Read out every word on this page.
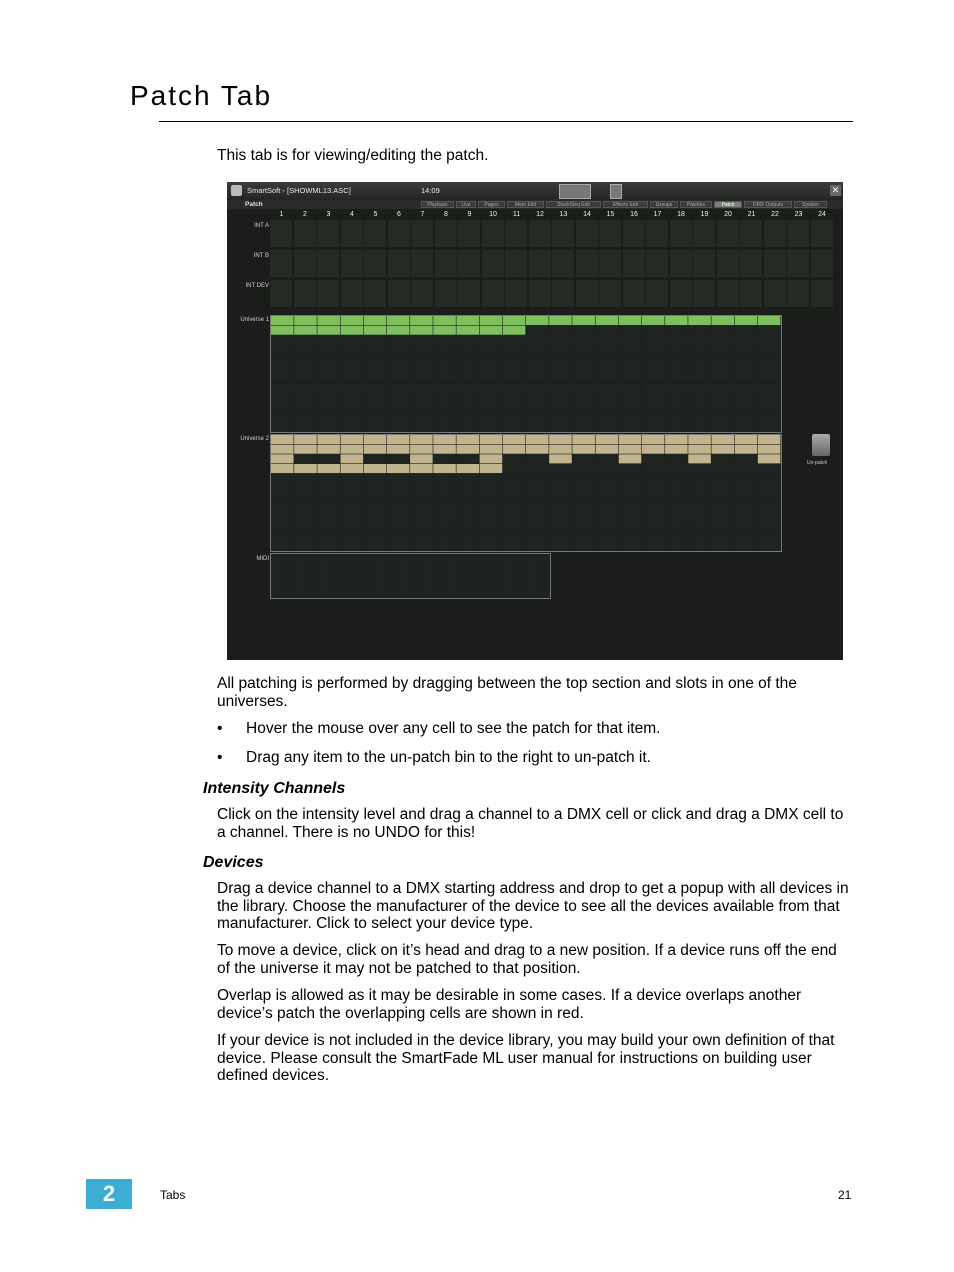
Patch Tab

This tab is for viewing/editing the patch.

SmartSoft - [SHOWML13.ASC]	14:09	✕
Patch	Playback	Live	Pages	Mem Edit	Stack/Seq Edit	Effects Edit	Groups	Palettes	Patch	DMX Outputs	System
INT A
INT B
INT DEV
Universe 1
Universe 2
Un-patch
MIDI
1	2	3	4	5	6	7	8	9	10	11	12	13	14	15	16	17	18	19	20	21	22	23	24

All patching is performed by dragging between the top section and slots in one of the universes.

• Hover the mouse over any cell to see the patch for that item.
• Drag any item to the un-patch bin to the right to un-patch it.
Intensity Channels

Click on the intensity level and drag a channel to a DMX cell or click and drag a DMX cell to a channel. There is no UNDO for this!

Devices

Drag a device channel to a DMX starting address and drop to get a popup with all devices in the library. Choose the manufacturer of the device to see all the devices available from that manufacturer. Click to select your device type.

To move a device, click on it’s head and drag to a new position. If a device runs off the end of the universe it may not be patched to that position.

Overlap is allowed as it may be desirable in some cases. If a device overlaps another device’s patch the overlapping cells are shown in red.

If your device is not included in the device library, you may build your own definition of that device. Please consult the SmartFade ML user manual for instructions on building user defined devices.

2	Tabs	21
